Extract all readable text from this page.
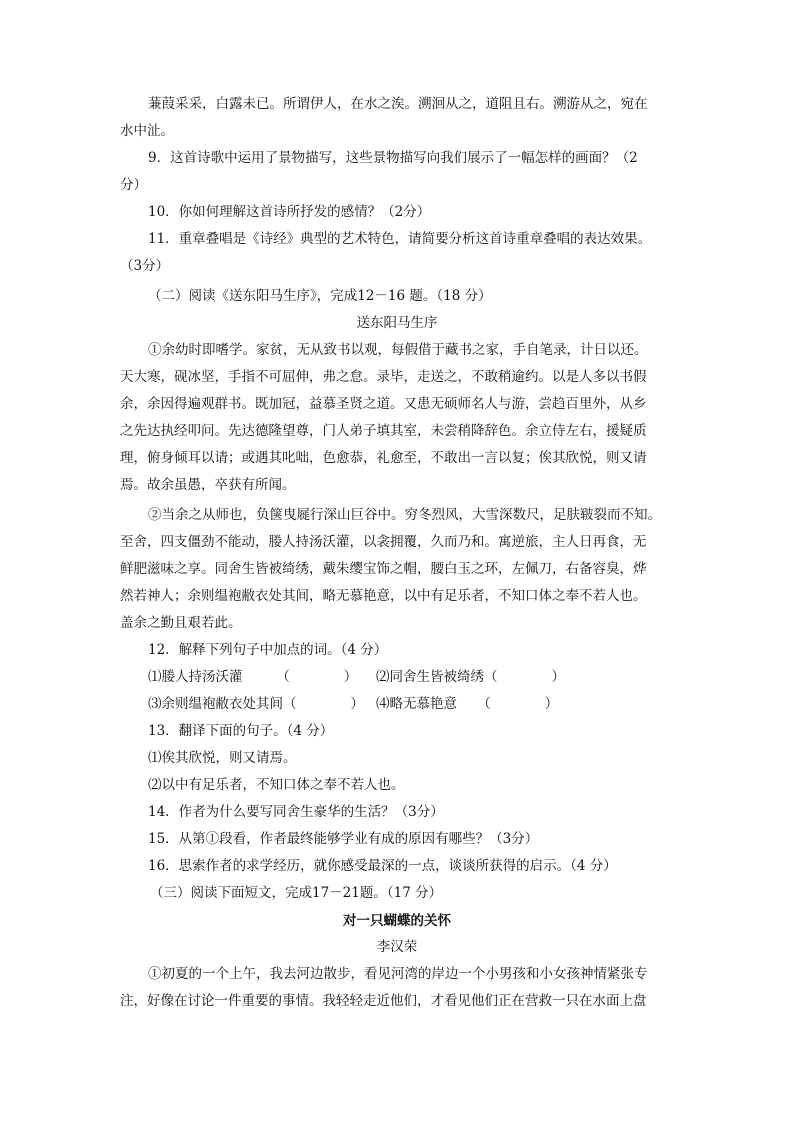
蒹葭采采，白露未已。所谓伊人，在水之涘。溯洄从之，道阻且右。溯游从之，宛在
水中沚。
9．这首诗歌中运用了景物描写，这些景物描写向我们展示了一幅怎样的画面？（2
分）
10．你如何理解这首诗所抒发的感情？（2分）
11．重章叠唱是《诗经》典型的艺术特色，请简要分析这首诗重章叠唱的表达效果。
（3分）
（二）阅读《送东阳马生序》，完成12－16 题。（18 分）
送东阳马生序
①余幼时即嗜学。家贫，无从致书以观，每假借于藏书之家，手自笔录，计日以还。
天大寒，砚冰坚，手指不可屈伸，弗之怠。录毕，走送之，不敢稍逾约。以是人多以书假
余，余因得遍观群书。既加冠，益慕圣贤之道。又患无硕师名人与游，尝趋百里外，从乡
之先达执经叩问。先达德隆望尊，门人弟子填其室，未尝稍降辞色。余立侍左右，援疑质
理，俯身倾耳以请；或遇其叱咄，色愈恭，礼愈至，不敢出一言以复；俟其欣悦，则又请
焉。故余虽愚，卒获有所闻。
②当余之从师也，负箧曳屣行深山巨谷中。穷冬烈风，大雪深数尺，足肤皲裂而不知。
至舍，四支僵劲不能动，媵人持汤沃灌，以衾拥覆，久而乃和。寓逆旅，主人日再食，无
鲜肥滋味之享。同舍生皆被绮绣，戴朱缨宝饰之帽，腰白玉之环，左佩刀，右备容臭，烨
然若神人；余则缊袍敝衣处其间，略无慕艳意，以中有足乐者，不知口体之奉不若人也。
盖余之勤且艰若此。
12．解释下列句子中加点的词。（4 分）
⑴媵人持汤沃灌　　　（　　　　） ⑵同舍生皆被绮绣（　　　　）
⑶余则缊袍敝衣处其间（　　　　） ⑷略无慕艳意　　（　　　　）
13．翻译下面的句子。（4 分）
⑴俟其欣悦，则又请焉。
⑵以中有足乐者，不知口体之奉不若人也。
14．作者为什么要写同舍生豪华的生活？（3分）
15．从第①段看，作者最终能够学业有成的原因有哪些？（3分）
16．思索作者的求学经历，就你感受最深的一点，谈谈所获得的启示。（4 分）
（三）阅读下面短文，完成17－21题。（17 分）
对一只蝴蝶的关怀
李汉荣
①初夏的一个上午，我去河边散步，看见河湾的岸边一个小男孩和小女孩神情紧张专
注，好像在讨论一件重要的事情。我轻轻走近他们，才看见他们正在营救一只在水面上盘
